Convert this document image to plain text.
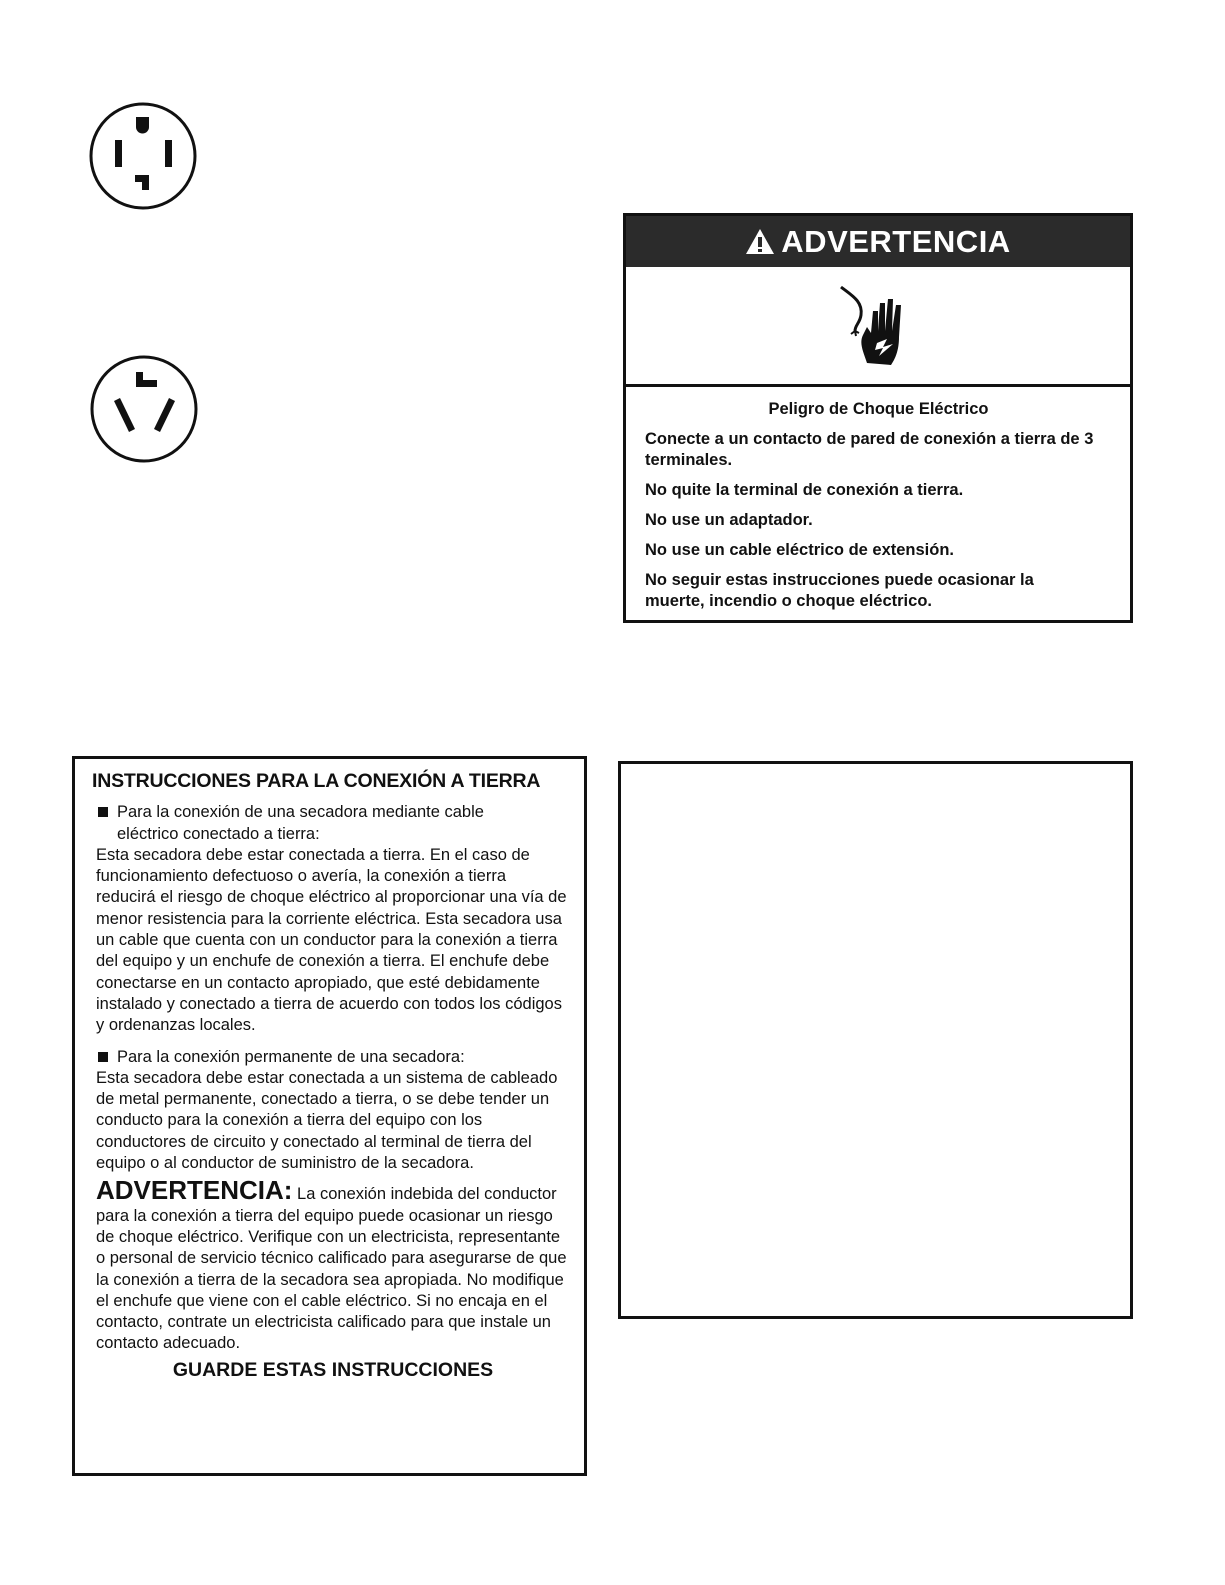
ADVERTENCIA
Peligro de Choque Eléctrico
Conecte a un contacto de pared de conexión a tierra de 3 terminales.
No quite la terminal de conexión a tierra.
No use un adaptador.
No use un cable eléctrico de extensión.
No seguir estas instrucciones puede ocasionar la muerte, incendio o choque eléctrico.
INSTRUCCIONES PARA LA CONEXIÓN A TIERRA
Para la conexión de una secadora mediante cable
eléctrico conectado a tierra:
Esta secadora debe estar conectada a tierra. En el caso de funcionamiento defectuoso o avería, la conexión a tierra reducirá el riesgo de choque eléctrico al proporcionar una vía de menor resistencia para la corriente eléctrica. Esta secadora usa un cable que cuenta con un conductor para la conexión a tierra del equipo y un enchufe de conexión a tierra. El enchufe debe conectarse en un contacto apropiado, que esté debidamente instalado y conectado a tierra de acuerdo con todos los códigos y ordenanzas locales.
Para la conexión permanente de una secadora:
Esta secadora debe estar conectada a un sistema de cableado de metal permanente, conectado a tierra, o se debe tender un conducto para la conexión a tierra del equipo con los conductores de circuito y conectado al terminal de tierra del equipo o al conductor de suministro de la secadora.
ADVERTENCIA: La conexión indebida del conductor para la conexión a tierra del equipo puede ocasionar un riesgo de choque eléctrico. Verifique con un electricista, representante o personal de servicio técnico calificado para asegurarse de que la conexión a tierra de la secadora sea apropiada. No modifique el enchufe que viene con el cable eléctrico. Si no encaja en el contacto, contrate un electricista calificado para que instale un contacto adecuado.
GUARDE ESTAS INSTRUCCIONES
